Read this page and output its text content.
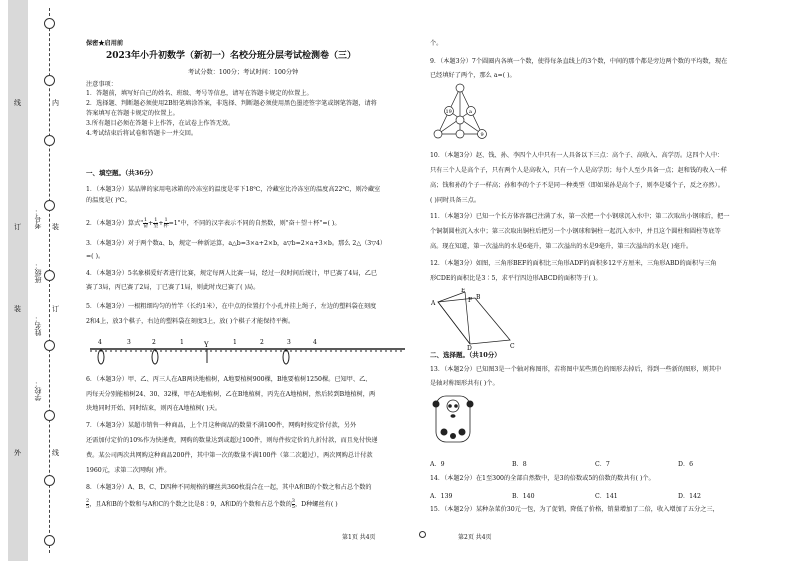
线
订
装
外
内
装
订
线
学校：
姓名：
班级：
考号：
保密★启用前
2023年小升初数学（新初一）名校分班分层考试检测卷（三）
考试分数：100分；考试时间：100分钟
注意事项：
1．答题前，填写好自己的姓名、班级、考号等信息，请写在答题卡规定的位置上。
2．选择题、判断题必须使用2B铅笔填涂答案，非选择、判断题必须使用黑色墨迹签字笔或钢笔答题，请将
答案填写在答题卡规定的位置上。
3.所有题目必须在答题卡上作答，在试卷上作答无效。
4.考试结束后将试卷和答题卡一并交回。
一、填空题。（共36分）
1．（本题3分）某品牌的家用电冰箱的冷冻室的温度是零下18℃，冷藏室比冷冻室的温度高22℃，则冷藏室
的温度是( )℃。
2．（本题3分）算式" $\frac{1}{\text{奋}} + \frac{1}{\text{望}} + \frac{1}{\text{杯}} =1$"中，不同的汉字表示不同的自然数，则"奋＋望＋杯"=( )。
3．（本题3分）对于两个数a、b，规定一种新运算，a△b=3×a+2×b，a▽b=2×a+3×b。那么 2△（3▽4）
=( )。
4．（本题3分）5名象棋爱好者进行比赛，规定每两人比赛一局，经过一段时间后统计，甲已赛了4局，乙已
赛了3局，丙已赛了2局，丁已赛了1局，则此时戊已赛了( )局。
5．（本题3分）一根粗细均匀的竹竿（长约1米），在中点的位置打个小孔并挂上绳子，左边的塑料袋在刻度
2和4上，放3个棋子，右边的塑料袋在刻度3上，放( )个棋子才能保持平衡。
Y
4	3	2	1	1	2	3	4
6．（本题3分）甲、乙、丙三人在AB两块地植树，A地要植树900棵，B地要植树1250棵。已知甲、乙、
丙每天分别能植树24、30、32棵，甲在A地植树，乙在B地植树，丙先在A地植树，然后转到B地植树，两
块地同时开始、同时结束，则丙在A地植树( )天。
7．（本题3分）某超市销售一种商品，上个月这种商品的数量不满100件，网购时按定价付款，另外
还需加付定价的10%作为快递费，网购的数量达到或超过100件，则每件按定价的九折付款，而且免付快递
费。某公司两次共网购这种商品200件，其中第一次的数量不满100件（第二次超过），两次网购总计付款
1960元，求第二次网购( )件。
8．（本题3分）A、B、C、D四种不同规格的螺丝共360枚混合在一起，其中A和B的个数之和占总个数的
$\frac{2}{5}$ ，且A和B的个数和与A和C的个数之比是8∶9，A和D的个数和占总个数的 $\frac{3}{5}$ ，D种螺丝有( )
第1页 共4页
个。
9．（本题3分）7个圆圈内各填一个数，使得每条直线上的3个数，中间的那个都是旁边两个数的平均数，现在
已经填好了两个，那么 a=( )。
19	a
9
10．（本题3分）赵、钱、孙、李四个人中只有一人具备以下三点：高个子、高收入、高学历。这四个人中：
只有三个人是高个子，只有两个人是高收入，只有一个人是高学历；每个人至少具备一点；赵和钱的收入一样
高；钱和孙的个子一样高；孙和李的个子不是同一种类型（即如果孙是高个子，则李是矮个子，反之亦然）。
( )同时具备三点。
11．（本题3分）已知一个长方体容器已注满了水，第一次把一个小钢球沉入水中；第二次取出小钢球后，把一
个铜制圆柱沉入水中；第三次取出铜柱后把另一个小钢球和铜柱一起沉入水中，并且这个圆柱和圆柱等底等
高。现在知道，第一次溢出的水是6毫升，第二次溢出的水是9毫升，第三次溢出的水是( )毫升。
12．（本题3分）如图，三角形BEF的面积比三角形ADF的面积多12平方厘米，三角形ABD的面积与三角
形CDE的面积比是3∶5，求平行四边形ABCD的面积等于( )。
A
E
F B
C
D
二、选择题。（共10分）
13．（本题2分）已知图3是一个轴对称图形，若将图中某些黑色的图形去掉后，得到一些新的图形，则其中
是轴对称图形共有( )个。
A．9	B．8	C．7	D．6
14．（本题2分）在1至300的全部自然数中，是3的倍数或5的倍数的数共有( )个。
A．139	B．140	C．141	D．142
15．（本题2分）某种杂菜价30元一包，为了促销，降低了价格，销量增加了二倍，收入增加了五分之三，
第2页 共4页
